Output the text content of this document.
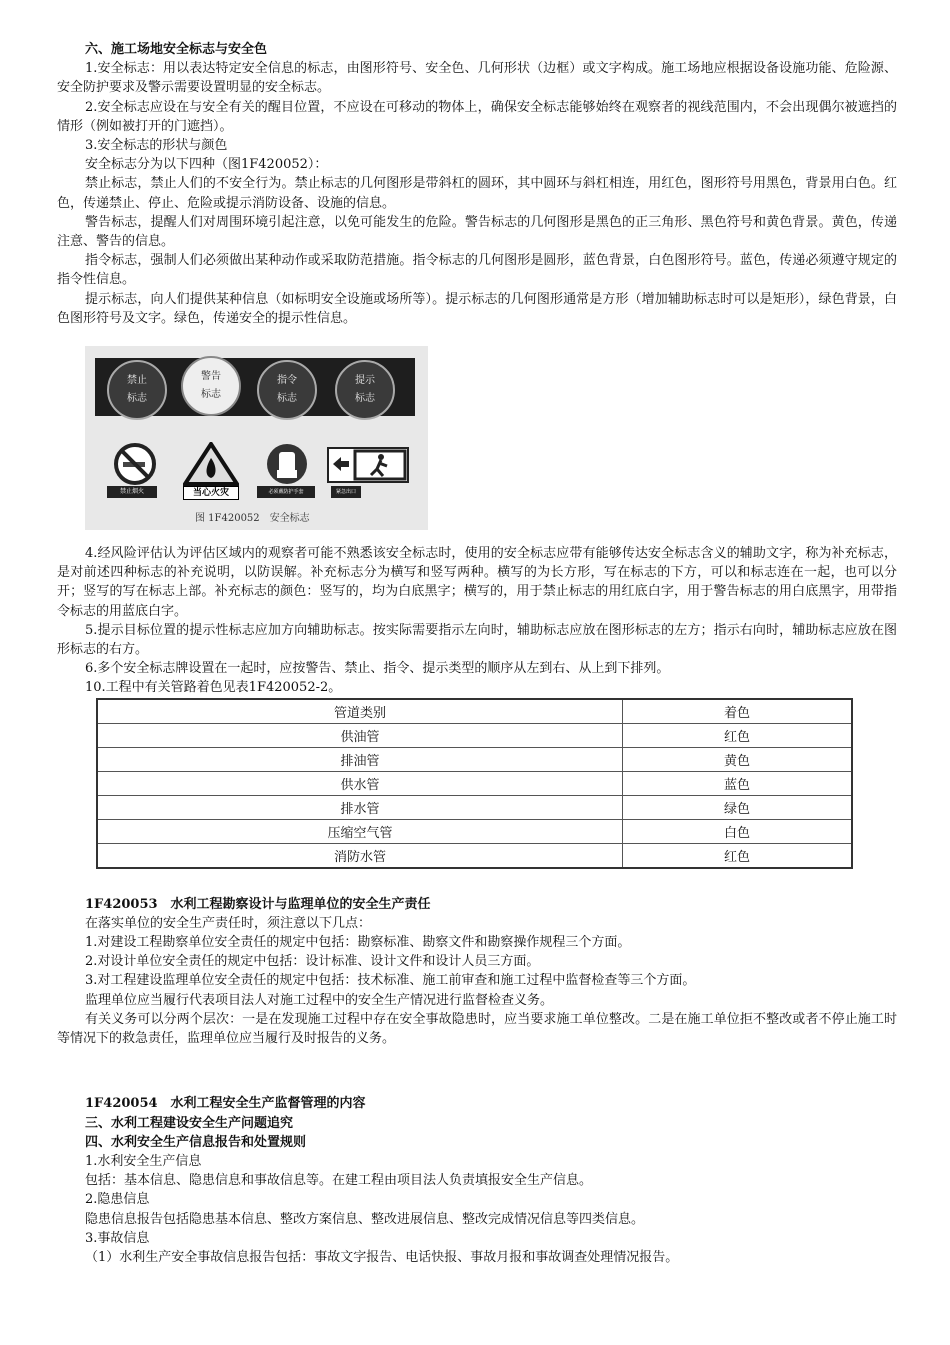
六、施工场地安全标志与安全色

1.安全标志：用以表达特定安全信息的标志，由图形符号、安全色、几何形状（边框）或文字构成。施工场地应根据设备设施功能、危险源、安全防护要求及警示需要设置明显的安全标志。

2.安全标志应设在与安全有关的醒目位置，不应设在可移动的物体上，确保安全标志能够始终在观察者的视线范围内，不会出现偶尔被遮挡的情形（例如被打开的门遮挡）。

3.安全标志的形状与颜色

安全标志分为以下四种（图1F420052）：

禁止标志，禁止人们的不安全行为。禁止标志的几何图形是带斜杠的圆环，其中圆环与斜杠相连，用红色，图形符号用黑色，背景用白色。红色，传递禁止、停止、危险或提示消防设备、设施的信息。

警告标志，提醒人们对周围环境引起注意，以免可能发生的危险。警告标志的几何图形是黑色的正三角形、黑色符号和黄色背景。黄色，传递注意、警告的信息。

指令标志，强制人们必须做出某种动作或采取防范措施。指令标志的几何图形是圆形，蓝色背景，白色图形符号。蓝色，传递必须遵守规定的指令性信息。

提示标志，向人们提供某种信息（如标明安全设施或场所等）。提示标志的几何图形通常是方形（增加辅助标志时可以是矩形），绿色背景，白色图形符号及文字。绿色，传递安全的提示性信息。

禁止
标志
警告
标志
指令
标志
提示
标志
禁止烟火	当心火灾	必须戴防护手套	紧急出口
图 1F420052　安全标志

4.经风险评估认为评估区域内的观察者可能不熟悉该安全标志时，使用的安全标志应带有能够传达安全标志含义的辅助文字，称为补充标志，是对前述四种标志的补充说明，以防误解。补充标志分为横写和竖写两种。横写的为长方形，写在标志的下方，可以和标志连在一起，也可以分开；竖写的写在标志上部。补充标志的颜色：竖写的，均为白底黑字；横写的，用于禁止标志的用红底白字，用于警告标志的用白底黑字，用带指令标志的用蓝底白字。

5.提示目标位置的提示性标志应加方向辅助标志。按实际需要指示左向时，辅助标志应放在图形标志的左方；指示右向时，辅助标志应放在图形标志的右方。

6.多个安全标志牌设置在一起时，应按警告、禁止、指令、提示类型的顺序从左到右、从上到下排列。

10.工程中有关管路着色见表1F420052-2。

管道类别	着色
供油管	红色
排油管	黄色
供水管	蓝色
排水管	绿色
压缩空气管	白色
消防水管	红色

1F420053　水利工程勘察设计与监理单位的安全生产责任

在落实单位的安全生产责任时，须注意以下几点：

1.对建设工程勘察单位安全责任的规定中包括：勘察标准、勘察文件和勘察操作规程三个方面。

2.对设计单位安全责任的规定中包括：设计标准、设计文件和设计人员三方面。

3.对工程建设监理单位安全责任的规定中包括：技术标准、施工前审查和施工过程中监督检查等三个方面。

监理单位应当履行代表项目法人对施工过程中的安全生产情况进行监督检查义务。

有关义务可以分两个层次：一是在发现施工过程中存在安全事故隐患时，应当要求施工单位整改。二是在施工单位拒不整改或者不停止施工时等情况下的救急责任，监理单位应当履行及时报告的义务。

1F420054　水利工程安全生产监督管理的内容

三、水利工程建设安全生产问题追究

四、水利安全生产信息报告和处置规则

1.水利安全生产信息

包括：基本信息、隐患信息和事故信息等。在建工程由项目法人负责填报安全生产信息。

2.隐患信息

隐患信息报告包括隐患基本信息、整改方案信息、整改进展信息、整改完成情况信息等四类信息。

3.事故信息

（1）水利生产安全事故信息报告包括：事故文字报告、电话快报、事故月报和事故调查处理情况报告。
